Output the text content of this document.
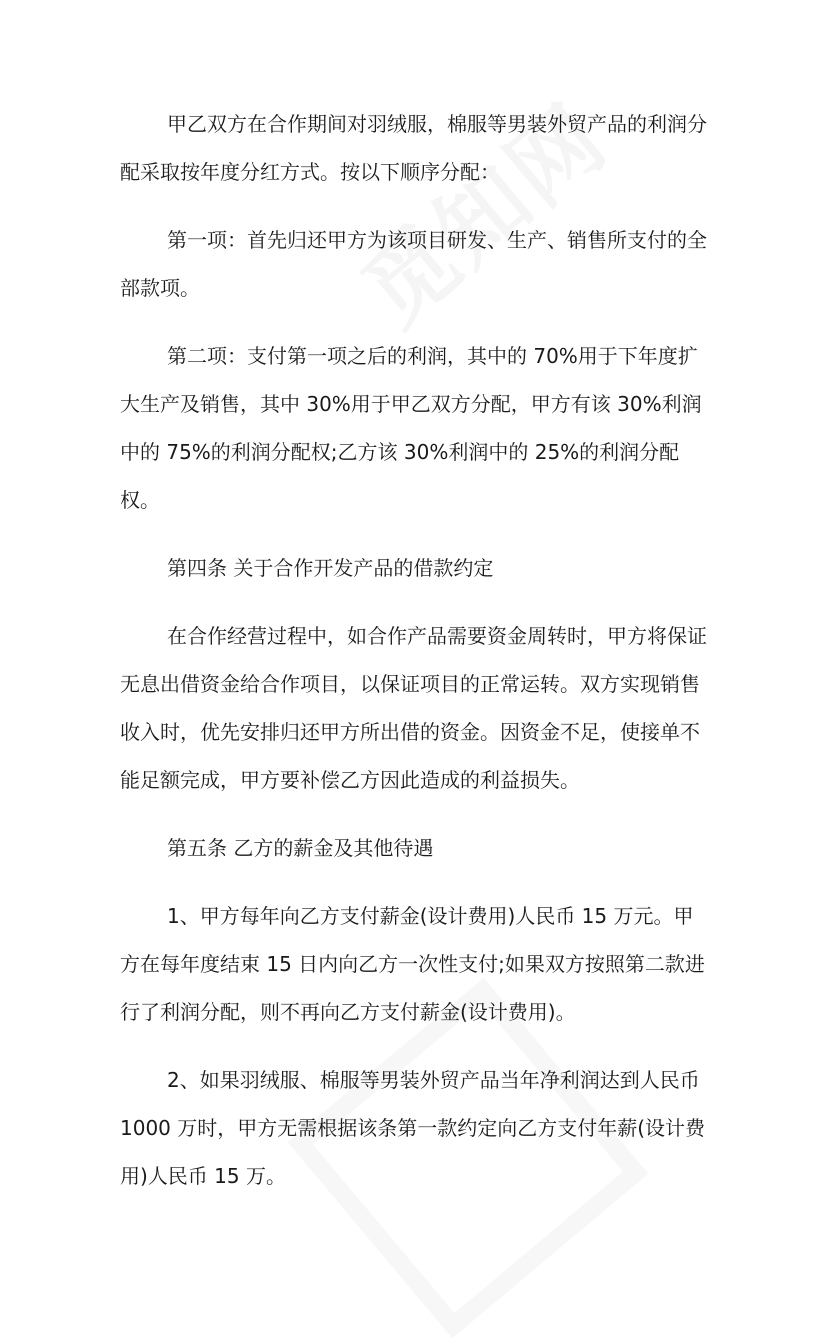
甲乙双方在合作期间对羽绒服，棉服等男装外贸产品的利润分配采取按年度分红方式。按以下顺序分配：

第一项：首先归还甲方为该项目研发、生产、销售所支付的全部款项。

第二项：支付第一项之后的利润，其中的 70%用于下年度扩大生产及销售，其中 30%用于甲乙双方分配，甲方有该 30%利润中的 75%的利润分配权;乙方该 30%利润中的 25%的利润分配权。

第四条 关于合作开发产品的借款约定

在合作经营过程中，如合作产品需要资金周转时，甲方将保证无息出借资金给合作项目，以保证项目的正常运转。双方实现销售收入时，优先安排归还甲方所出借的资金。因资金不足，使接单不能足额完成，甲方要补偿乙方因此造成的利益损失。

第五条 乙方的薪金及其他待遇

1、甲方每年向乙方支付薪金(设计费用)人民币 15 万元。甲方在每年度结束 15 日内向乙方一次性支付;如果双方按照第二款进行了利润分配，则不再向乙方支付薪金(设计费用)。

2、如果羽绒服、棉服等男装外贸产品当年净利润达到人民币 1000 万时，甲方无需根据该条第一款约定向乙方支付年薪(设计费用)人民币 15 万。
